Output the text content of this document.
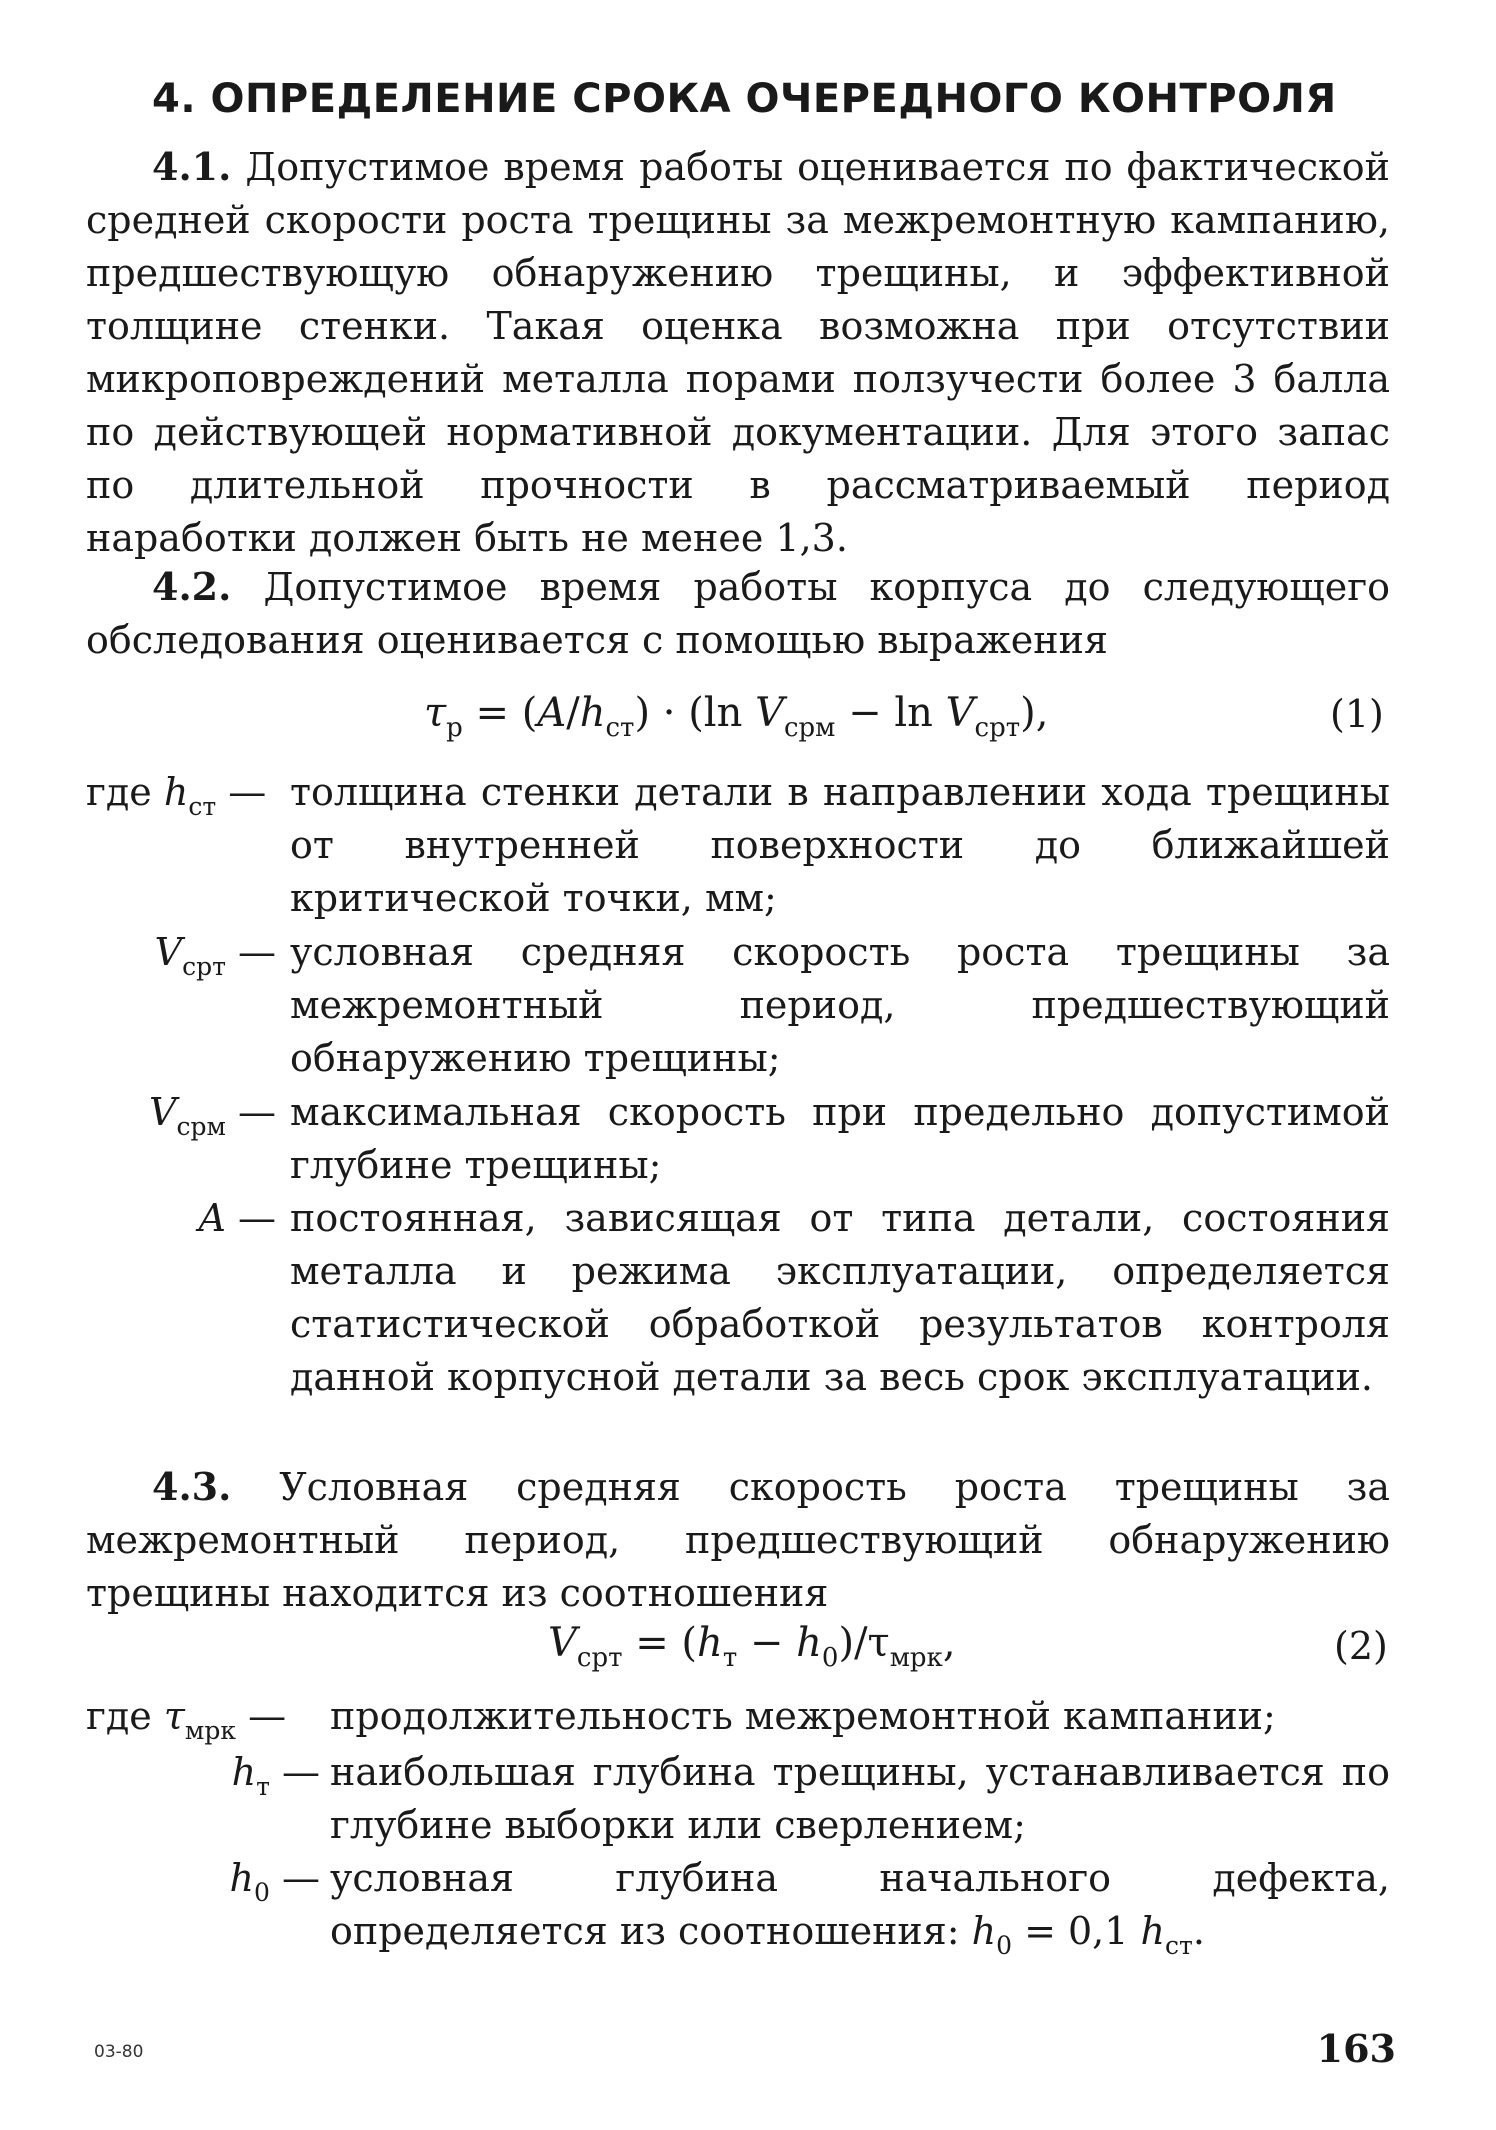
4. ОПРЕДЕЛЕНИЕ СРОКА ОЧЕРЕДНОГО КОНТРОЛЯ
4.1. Допустимое время работы оценивается по фактической средней скорости роста трещины за межремонтную кампанию, предшествующую обнаружению трещины, и эффективной толщине стенки. Такая оценка возможна при отсутствии микроповреждений металла порами ползучести более 3 балла по действующей нормативной документации. Для этого запас по длительной прочности в рассматриваемый период наработки должен быть не менее 1,3.
4.2. Допустимое время работы корпуса до следующего обследования оценивается с помощью выражения
$\tau_р = (A/h_{ст}) \cdot (\ln$ $V_{срм} - \ln V_{срт}$),	(1)
где $h_{ст}$ — толщина стенки детали в направлении хода трещины от внутренней поверхности до ближайшей критической точки, мм;
$V_{срт}$ — условная средняя скорость роста трещины за межремонтный период, предшествующий обнаружению трещины;
$V_{срм}$ — максимальная скорость при предельно допустимой глубине трещины;
A — постоянная, зависящая от типа детали, состояния металла и режима эксплуатации, определяется статистической обработкой результатов контроля данной корпусной детали за весь срок эксплуатации.
4.3. Условная средняя скорость роста трещины за межремонтный период, предшествующий обнаружению трещины находится из соотношения
$V_{срт} = (h_т - h_0)/\tau_{мрк}$,	(2)
где $\tau_{мрк}$ —	продолжительность межремонтной кампании;
$h_т$ — наибольшая глубина трещины, устанавливается по глубине выборки или сверлением;
$h_0$ — условная глубина начального дефекта, определяется из соотношения: $h_0 = 0,1$ $h_{ст}$.
03-80	163
